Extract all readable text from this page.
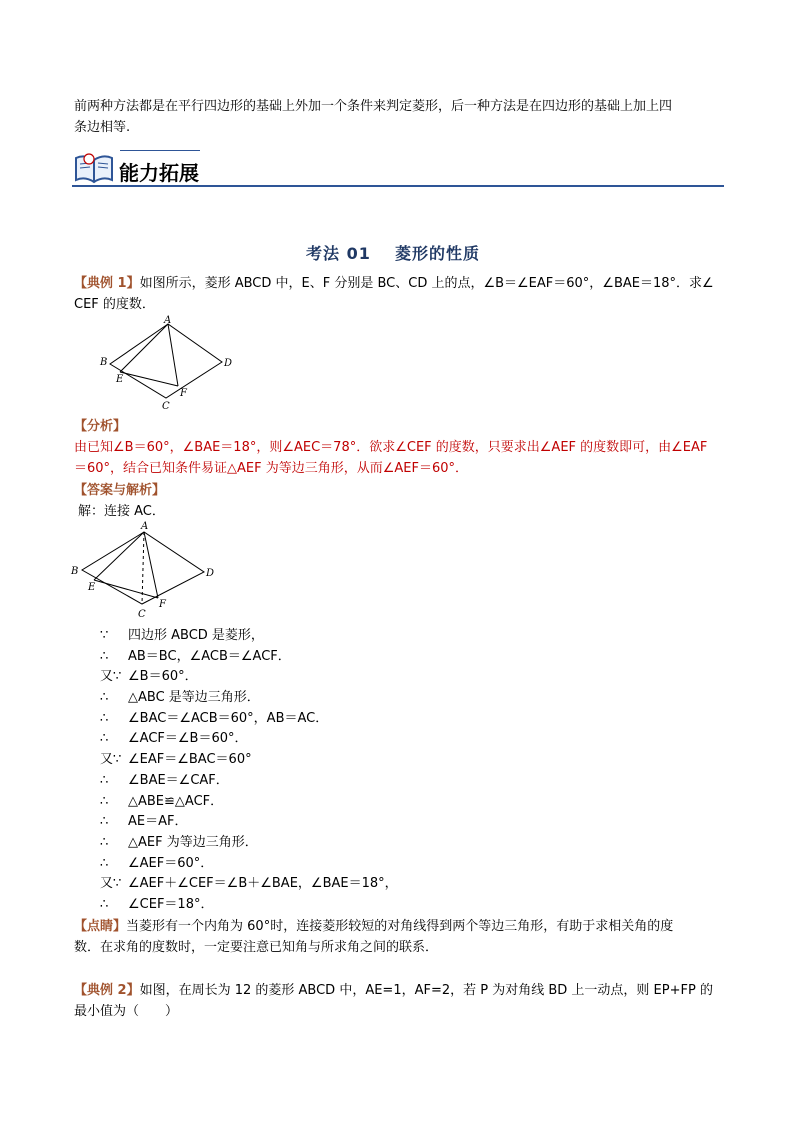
前两种方法都是在平行四边形的基础上外加一个条件来判定菱形，后一种方法是在四边形的基础上加上四
条边相等.
能力拓展
考法 01 菱形的性质
【典例 1】如图所示，菱形 ABCD 中，E、F 分别是 BC、CD 上的点，∠B＝∠EAF＝60°，∠BAE＝18°．求∠
CEF 的度数．
A
B
C
D
E
F
【分析】
由已知∠B＝60°，∠BAE＝18°，则∠AEC＝78°．欲求∠CEF 的度数，只要求出∠AEF 的度数即可，由∠EAF
＝60°，结合已知条件易证△AEF 为等边三角形，从而∠AEF＝60°．
【答案与解析】
解：连接 AC．
A
B
C
D
E
F
∵ 四边形 ABCD 是菱形，
∴ AB＝BC，∠ACB＝∠ACF．
又∵ ∠B＝60°．
∴ △ABC 是等边三角形．
∴ ∠BAC＝∠ACB＝60°，AB＝AC．
∴ ∠ACF＝∠B＝60°．
又∵ ∠EAF＝∠BAC＝60°
∴ ∠BAE＝∠CAF．
∴ △ABE≌△ACF．
∴ AE＝AF．
∴ △AEF 为等边三角形．
∴ ∠AEF＝60°．
又∵ ∠AEF＋∠CEF＝∠B＋∠BAE，∠BAE＝18°，
∴ ∠CEF＝18°．
【点睛】当菱形有一个内角为 60°时，连接菱形较短的对角线得到两个等边三角形，有助于求相关角的度
数．在求角的度数时，一定要注意已知角与所求角之间的联系．
【典例 2】如图，在周长为 12 的菱形 ABCD 中，AE=1，AF=2，若 P 为对角线 BD 上一动点，则 EP+FP 的
最小值为（　　）
